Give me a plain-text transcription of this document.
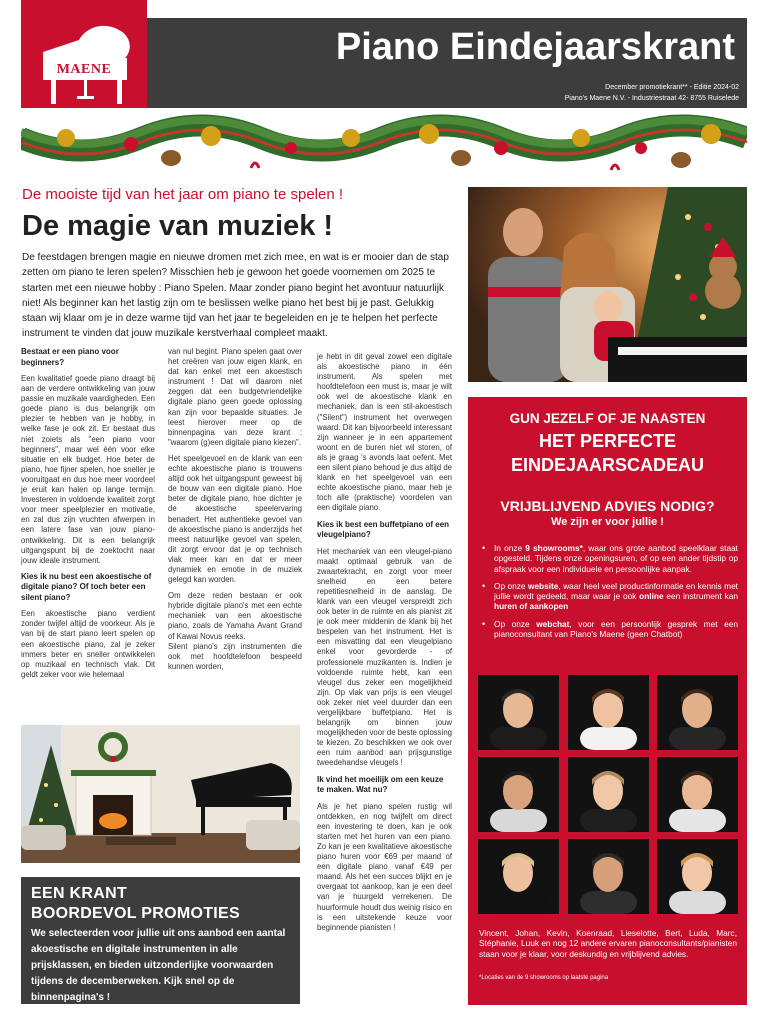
MAENE
Piano Eindejaarskrant
December promotiekrant** - Editie 2024-02
Piano's Maene N.V. - Industriestraat 42- 8755 Ruiselede
De mooiste tijd van het jaar om piano te spelen !
De magie van muziek !
De feestdagen brengen magie en nieuwe dromen met zich mee, en wat is er mooier dan de stap zetten om piano te leren spelen? Misschien heb je gewoon het goede voornemen om 2025 te starten met een nieuwe hobby : Piano Spelen. Maar zonder piano begint het avontuur natuurlijk niet! Als beginner kan het lastig zijn om te beslissen welke piano het best bij je past. Gelukkig staan wij klaar om je in deze warme tijd van het jaar te begeleiden en je te helpen het perfecte instrument te vinden dat jouw muzikale kerstverhaal compleet maakt.
Bestaat er een piano voor beginners?

Een kwalitatief goede piano draagt bij aan de verdere ontwikkeling van jouw passie en muzikale vaardigheden. Een goede piano is dus belangrijk om plezier te hebben van je hobby, in welke fase je ook zit. Er bestaat dus niet zoiets als "een piano voor beginners", maar wel één voor elke situatie en elk budget. Hoe beter de piano, hoe fijner spelen, hoe sneller je vooruitgaat en dus hoe meer voordeel je eruit kan halen op lange termijn. Investeren in voldoende kwaliteit zorgt voor meer speelplezier en motivatie, en zal dus zijn vruchten afwerpen in een latere fase van jouw piano-ontwikkeling. Dit is een belangrijk uitgangspunt bij de zoektocht naar jouw ideale instrument.

Kies ik nu best een akoestische of digitale piano? Of toch beter een silent piano?

Een akoestische piano verdient zonder twijfel altijd de voorkeur. Als je van bij de start piano leert spelen op een akoestische piano, zal je zeker immers beter en sneller ontwikkelen op muzikaal en technisch vlak. Dit geldt zeker voor wie helemaal

van nul begint. Piano spelen gaat over het creëren van jouw eigen klank, en dat kan enkel met een akoestisch instrument ! Dat wil daarom niet zeggen dat een budgetvriendelijke digitale piano geen goede oplossing kan zijn voor bepaalde situaties. Je leest hierover meer op de binnenpagina van deze krant : "waarom (g)een digitale piano kiezen".

Het speelgevoel en de klank van een echte akoestische piano is trouwens altijd ook het uitgangspunt geweest bij de bouw van een digitale piano. Hoe beter de digitale piano, hoe dichter je de akoestische speelervaring benadert. Het authentieke gevoel van de akoestische piano is anderzijds het meest natuurlijke gevoel van spelen, dit zorgt ervoor dat je op technisch vlak meer kan en dat er meer dynamiek en emotie in de muziek gelegd kan worden.

Om deze reden bestaan er ook hybride digitale piano's met een echte mechaniek van een akoestische piano, zoals de Yamaha Avant Grand of Kawai Novus reeks.

Silent piano's zijn instrumenten die ook met hoofdtelefoon bespeeld kunnen worden,

je hebt in dit geval zowel een digitale als akoestische piano in één instrument. Als spelen met hoofdtelefoon een must is, maar je wilt ook wel de akoestische klank en mechaniek, dan is een stil-akoestisch ("Silent") instrument het overwegen waard. Dit kan bijvoorbeeld interessant zijn wanneer je in een appartement woont en de buren niet wil storen, of als je graag 's avonds laat oefent. Met een silent piano behoud je dus altijd de klank en het speelgevoel van een echte akoestische piano, maar heb je toch alle (praktische) voordelen van een digitale piano.

Kies ik best een buffetpiano of een vleugelpiano?

Het mechaniek van een vleugel-piano maakt optimaal gebruik van de zwaartekracht, en zorgt voor meer snelheid en een betere repetitiesnelheid in de aanslag. De klank van een vleugel verspreidt zich ook beter in de ruimte en als pianist zit je ook meer middenin de klank bij het bespelen van het instrument. Het is een misvatting dat een vleugelpiano enkel voor gevorderde - of professionele muzikanten is. Indien je voldoende ruimte hebt, kan een vleugel dus zeker een mogelijkheid zijn. Op vlak van prijs is een vleugel ook zeker niet veel duurder dan een vergelijkbare buffetpiano. Het is belangrijk om binnen jouw mogelijkheden voor de beste oplossing te kiezen. Zo beschikken we ook over een ruim aanbod aan prijsgunstige tweedehandse vleugels !

Ik vind het moeilijk om een keuze te maken. Wat nu?

Als je het piano spelen rustig wil ontdekken, en nog twijfelt om direct een investering te doen, kan je ook starten met het huren van een piano. Zo kan je een kwalitatieve akoestische piano huren voor €69 per maand of een digitale piano vanaf €49 per maand. Als het een succes blijkt en je overgaat tot aankoop, kan je een deel van je huurgeld verrekenen. De huurformule houdt dus weinig risico en is een uitstekende keuze voor beginnende pianisten !

EEN KRANT
BOORDEVOL PROMOTIES
We selecteerden voor jullie uit ons aanbod een aantal akoestische en digitale instrumenten in alle prijsklassen, en bieden uitzonderlijke voorwaarden tijdens de decemberweken. Kijk snel op de binnenpagina's !
GUN JEZELF OF JE NAASTEN
HET PERFECTE
EINDEJAARSCADEAU
VRIJBLIJVEND ADVIES NODIG?
We zijn er voor jullie !
• In onze 9 showrooms*, waar ons grote aanbod speelklaar staat opgesteld. Tijdens onze openingsuren, of op een ander tijdstip op afspraak voor een individuele en persoonlijke aanpak.
• Op onze website, waar heel veel productinformatie en kennis met jullie wordt gedeeld, maar waar je ook online een instrument kan huren of aankopen
• Op onze webchat, voor een persoonlijk gesprek met een pianoconsultant van Piano's Maene (geen Chatbot)
Vincent, Johan, Kevin, Koenraad, Lieselotte, Bert, Luda, Marc, Stéphanie, Luuk en nog 12 andere ervaren pianoconsultants/pianisten staan voor je klaar, voor deskundig en vrijblijvend advies.
*Locaties van de 9 showrooms op laatste pagina
